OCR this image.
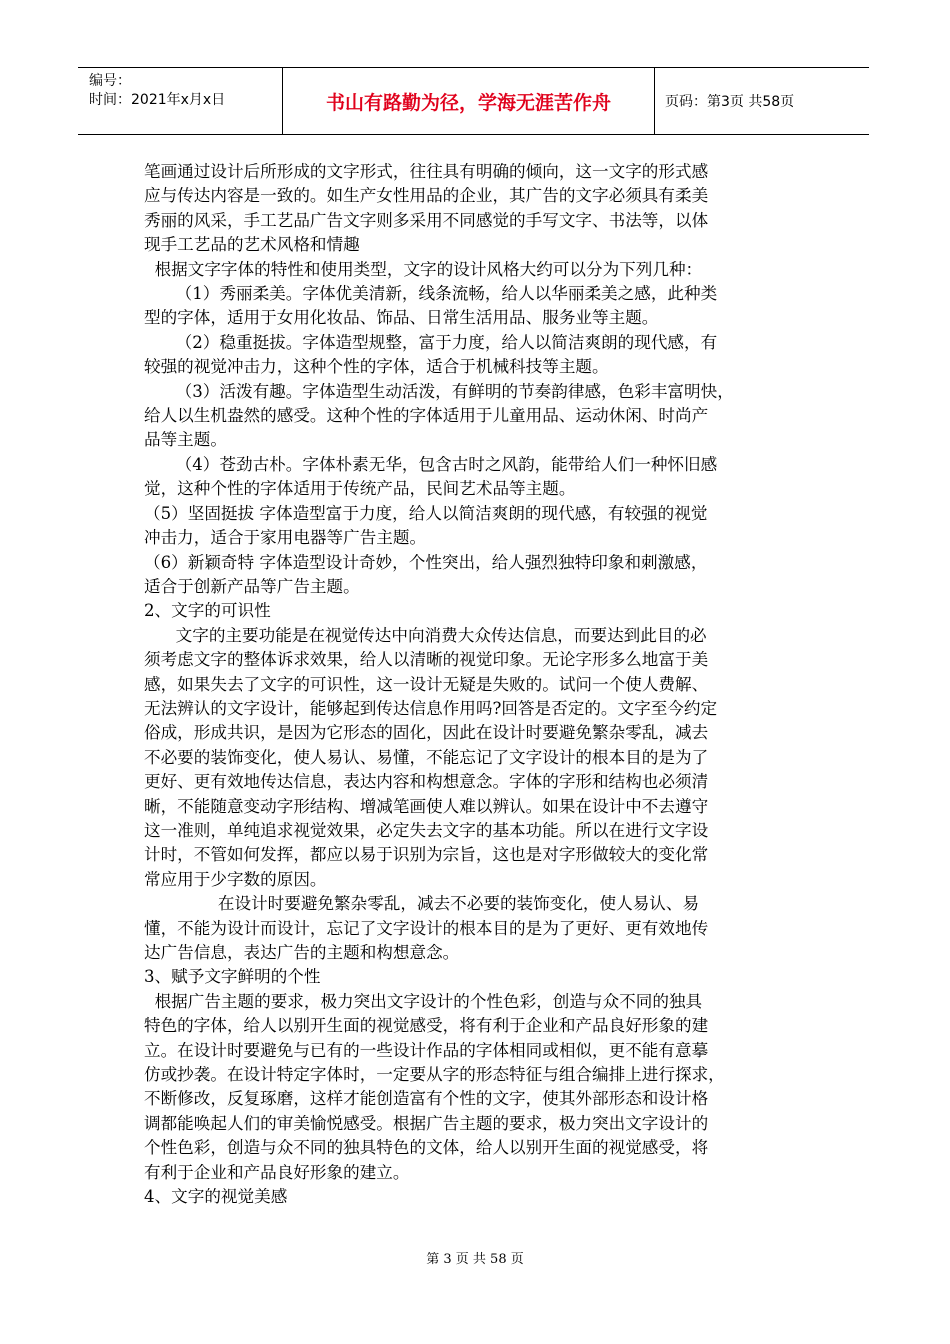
编号：
时间：2021年x月x日	书山有路勤为径，学海无涯苦作舟	页码：第3页 共58页

笔画通过设计后所形成的文字形式，往往具有明确的倾向，这一文字的形式感

应与传达内容是一致的。如生产女性用品的企业，其广告的文字必须具有柔美

秀丽的风采，手工艺品广告文字则多采用不同感觉的手写文字、书法等，以体

现手工艺品的艺术风格和情趣

根据文字字体的特性和使用类型，文字的设计风格大约可以分为下列几种：

（1）秀丽柔美。字体优美清新，线条流畅，给人以华丽柔美之感，此种类

型的字体，适用于女用化妆品、饰品、日常生活用品、服务业等主题。

（2）稳重挺拔。字体造型规整，富于力度，给人以简洁爽朗的现代感，有

较强的视觉冲击力，这种个性的字体，适合于机械科技等主题。

（3）活泼有趣。字体造型生动活泼，有鲜明的节奏韵律感，色彩丰富明快，

给人以生机盎然的感受。这种个性的字体适用于儿童用品、运动休闲、时尚产

品等主题。

（4）苍劲古朴。字体朴素无华，包含古时之风韵，能带给人们一种怀旧感

觉，这种个性的字体适用于传统产品，民间艺术品等主题。

（5）坚固挺拔 字体造型富于力度，给人以简洁爽朗的现代感，有较强的视觉

冲击力，适合于家用电器等广告主题。

（6）新颖奇特 字体造型设计奇妙，个性突出，给人强烈独特印象和刺激感，

适合于创新产品等广告主题。

2、文字的可识性

文字的主要功能是在视觉传达中向消费大众传达信息，而要达到此目的必

须考虑文字的整体诉求效果，给人以清晰的视觉印象。无论字形多么地富于美

感，如果失去了文字的可识性，这一设计无疑是失败的。试问一个使人费解、

无法辨认的文字设计，能够起到传达信息作用吗?回答是否定的。文字至今约定

俗成，形成共识，是因为它形态的固化，因此在设计时要避免繁杂零乱，减去

不必要的装饰变化，使人易认、易懂，不能忘记了文字设计的根本目的是为了

更好、更有效地传达信息，表达内容和构想意念。字体的字形和结构也必须清

晰，不能随意变动字形结构、增减笔画使人难以辨认。如果在设计中不去遵守

这一准则，单纯追求视觉效果，必定失去文字的基本功能。所以在进行文字设

计时，不管如何发挥，都应以易于识别为宗旨，这也是对字形做较大的变化常

常应用于少字数的原因。

在设计时要避免繁杂零乱，减去不必要的装饰变化，使人易认、易

懂，不能为设计而设计，忘记了文字设计的根本目的是为了更好、更有效地传

达广告信息，表达广告的主题和构想意念。

3、赋予文字鲜明的个性

根据广告主题的要求，极力突出文字设计的个性色彩，创造与众不同的独具

特色的字体，给人以别开生面的视觉感受，将有利于企业和产品良好形象的建

立。在设计时要避免与已有的一些设计作品的字体相同或相似，更不能有意摹

仿或抄袭。在设计特定字体时，一定要从字的形态特征与组合编排上进行探求，

不断修改，反复琢磨，这样才能创造富有个性的文字，使其外部形态和设计格

调都能唤起人们的审美愉悦感受。根据广告主题的要求，极力突出文字设计的

个性色彩，创造与众不同的独具特色的文体，给人以别开生面的视觉感受，将

有利于企业和产品良好形象的建立。

4、文字的视觉美感

第 3 页 共 58 页
